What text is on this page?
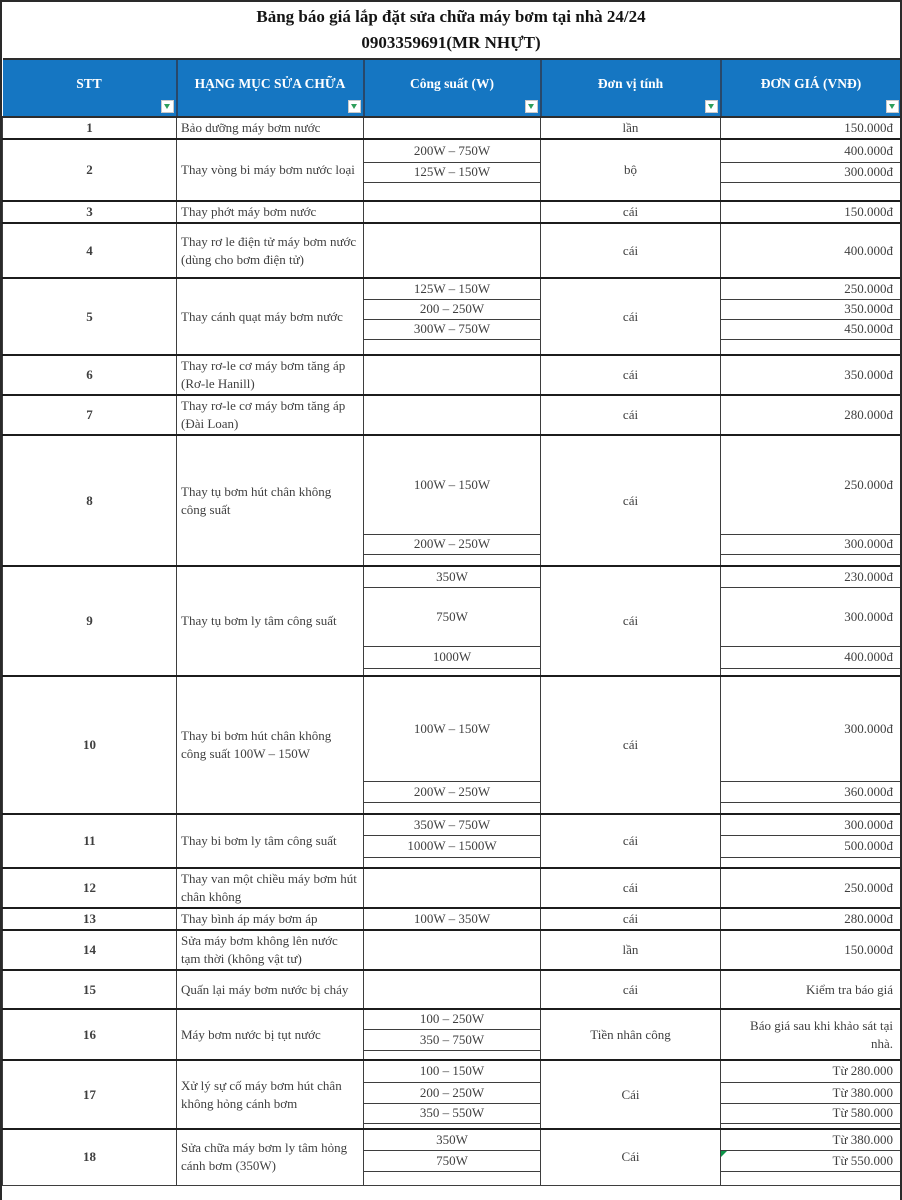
Bảng báo giá lắp đặt sửa chữa máy bơm tại nhà 24/24
0903359691(MR NHỰT)
STT	HẠNG MỤC SỬA CHỮA	Công suất (W)	Đơn vị tính	ĐƠN GIÁ (VNĐ)

1	Bảo dưỡng máy bơm nước		lần	150.000đ
2	Thay vòng bi máy bơm nước loại	200W – 750W	bộ	400.000đ
		125W – 150W		300.000đ

3	Thay phớt máy bơm nước		cái	150.000đ
4	Thay rơ le điện tử máy bơm nước (dùng cho bơm điện tử)		cái	400.000đ
5	Thay cánh quạt máy bơm nước	125W – 150W	cái	250.000đ
		200 – 250W		350.000đ
		300W – 750W		450.000đ

6	Thay rơ-le cơ máy bơm tăng áp (Rơ-le Hanill)		cái	350.000đ
7	Thay rơ-le cơ máy bơm tăng áp (Đài Loan)		cái	280.000đ
8	Thay tụ bơm hút chân không công suất	100W – 150W	cái	250.000đ
		200W – 250W		300.000đ

9	Thay tụ bơm ly tâm công suất	350W	cái	230.000đ
		750W		300.000đ
		1000W		400.000đ

10	Thay bi bơm hút chân không công suất 100W – 150W	100W – 150W	cái	300.000đ
		200W – 250W		360.000đ

11	Thay bi bơm ly tâm công suất	350W – 750W	cái	300.000đ
		1000W – 1500W		500.000đ

12	Thay van một chiều máy bơm hút chân không		cái	250.000đ
13	Thay bình áp máy bơm áp	100W – 350W	cái	280.000đ
14	Sửa máy bơm không lên nước tạm thời (không vật tư)		lần	150.000đ
15	Quấn lại máy bơm nước bị cháy		cái	Kiểm tra báo giá
16	Máy bơm nước bị tụt nước	100 – 250W	Tiền nhân công	Báo giá sau khi khảo sát tại nhà.
		350 – 750W		

17	Xử lý sự cố máy bơm hút chân không hỏng cánh bơm	100 – 150W	Cái	Từ 280.000
		200 – 250W		Từ 380.000
		350 – 550W		Từ 580.000

18	Sửa chữa máy bơm ly tâm hỏng cánh bơm (350W)	350W	Cái	Từ 380.000
		750W		Từ 550.000
